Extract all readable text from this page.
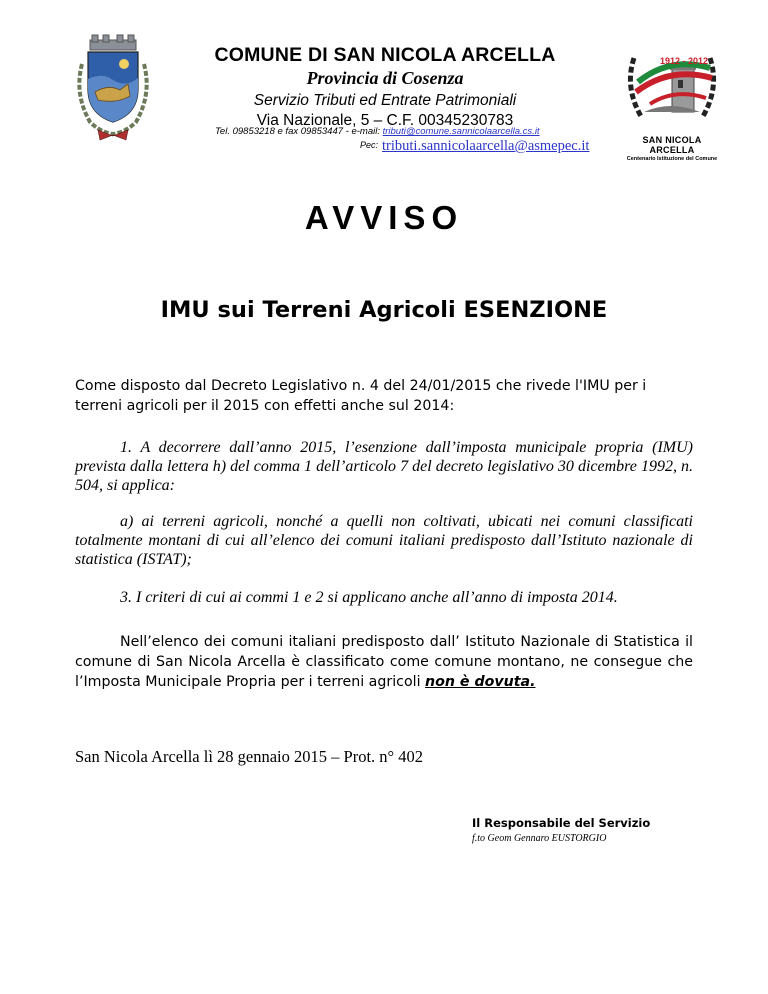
COMUNE DI SAN NICOLA ARCELLA
Provincia di Cosenza
Servizio Tributi ed Entrate Patrimoniali
Via Nazionale, 5 – C.F. 00345230783
Tel. 09853218 e fax 09853447 - e-mail: tributi@comune.sannicolaarcella.cs.it
Pec: tributi.sannicolaarcella@asmepec.it
1912 - 2012
SAN NICOLA ARCELLA
Centenario Istituzione del Comune
AVVISO
IMU sui Terreni Agricoli ESENZIONE
Come disposto dal Decreto Legislativo n. 4 del 24/01/2015 che rivede l'IMU per i terreni agricoli per il 2015 con effetti anche sul 2014:
1. A decorrere dall’anno 2015, l’esenzione dall’imposta municipale propria (IMU) prevista dalla lettera h) del comma 1 dell’articolo 7 del decreto legislativo 30 dicembre 1992, n. 504, si applica:
a) ai terreni agricoli, nonché a quelli non coltivati, ubicati nei comuni classificati totalmente montani di cui all’elenco dei comuni italiani predisposto dall’Istituto nazionale di statistica (ISTAT);
3. I criteri di cui ai commi 1 e 2 si applicano anche all’anno di imposta 2014.
Nell’elenco dei comuni italiani predisposto dall’ Istituto Nazionale di Statistica il comune di San Nicola Arcella è classificato come comune montano, ne consegue che l’Imposta Municipale Propria per i terreni agricoli non è dovuta.
San Nicola Arcella lì 28 gennaio 2015 – Prot. n° 402
Il Responsabile del Servizio
f.to Geom Gennaro EUSTORGIO
